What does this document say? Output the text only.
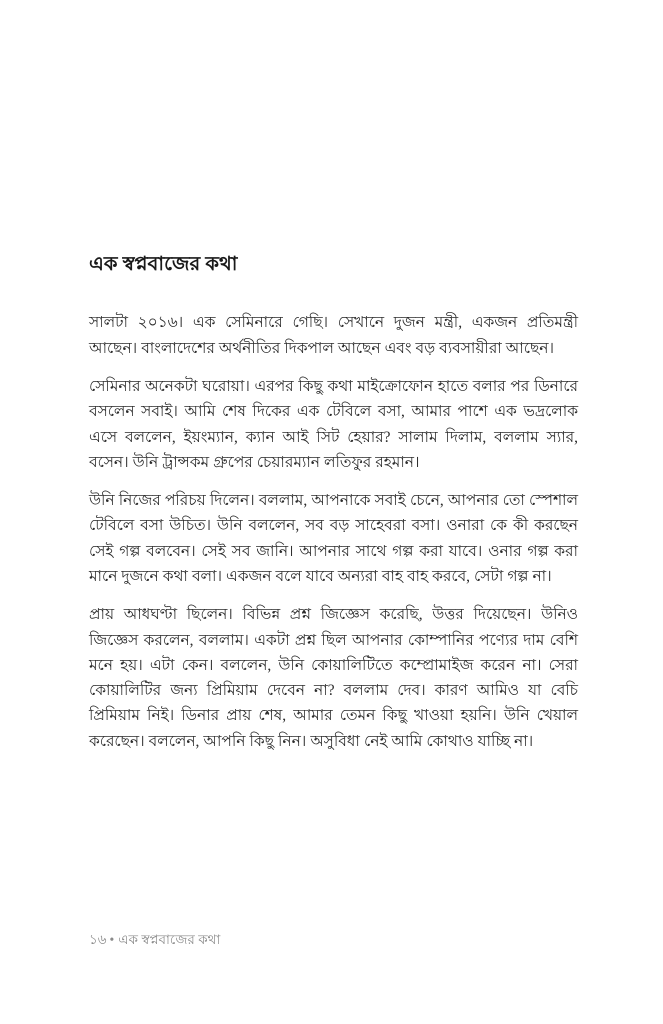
এক স্বপ্নবাজের কথা

সালটা ২০১৬। এক সেমিনারে গেছি। সেখানে দুজন মন্ত্রী, একজন প্রতিমন্ত্রী আছেন। বাংলাদেশের অর্থনীতির দিকপাল আছেন এবং বড় ব্যবসায়ীরা আছেন।

সেমিনার অনেকটা ঘরোয়া। এরপর কিছু কথা মাইক্রোফোন হাতে বলার পর ডিনারে বসলেন সবাই। আমি শেষ দিকের এক টেবিলে বসা, আমার পাশে এক ভদ্রলোক এসে বললেন, ইয়ংম্যান, ক্যান আই সিট হেয়ার? সালাম দিলাম, বললাম স্যার, বসেন। উনি ট্রান্সকম গ্রুপের চেয়ারম্যান লতিফুর রহমান।

উনি নিজের পরিচয় দিলেন। বললাম, আপনাকে সবাই চেনে, আপনার তো স্পেশাল টেবিলে বসা উচিত। উনি বললেন, সব বড় সাহেবরা বসা। ওনারা কে কী করছেন সেই গল্প বলবেন। সেই সব জানি। আপনার সাথে গল্প করা যাবে। ওনার গল্প করা মানে দুজনে কথা বলা। একজন বলে যাবে অন্যরা বাহ বাহ করবে, সেটা গল্প না।

প্রায় আধঘণ্টা ছিলেন। বিভিন্ন প্রশ্ন জিজ্ঞেস করেছি, উত্তর দিয়েছেন। উনিও জিজ্ঞেস করলেন, বললাম। একটা প্রশ্ন ছিল আপনার কোম্পানির পণ্যের দাম বেশি মনে হয়। এটা কেন। বললেন, উনি কোয়ালিটিতে কম্প্রোমাইজ করেন না। সেরা কোয়ালিটির জন্য প্রিমিয়াম দেবেন না? বললাম দেব। কারণ আমিও যা বেচি প্রিমিয়াম নিই। ডিনার প্রায় শেষ, আমার তেমন কিছু খাওয়া হয়নি। উনি খেয়াল করেছেন। বললেন, আপনি কিছু নিন। অসুবিধা নেই আমি কোথাও যাচ্ছি না।

১৬ • এক স্বপ্নবাজের কথা
